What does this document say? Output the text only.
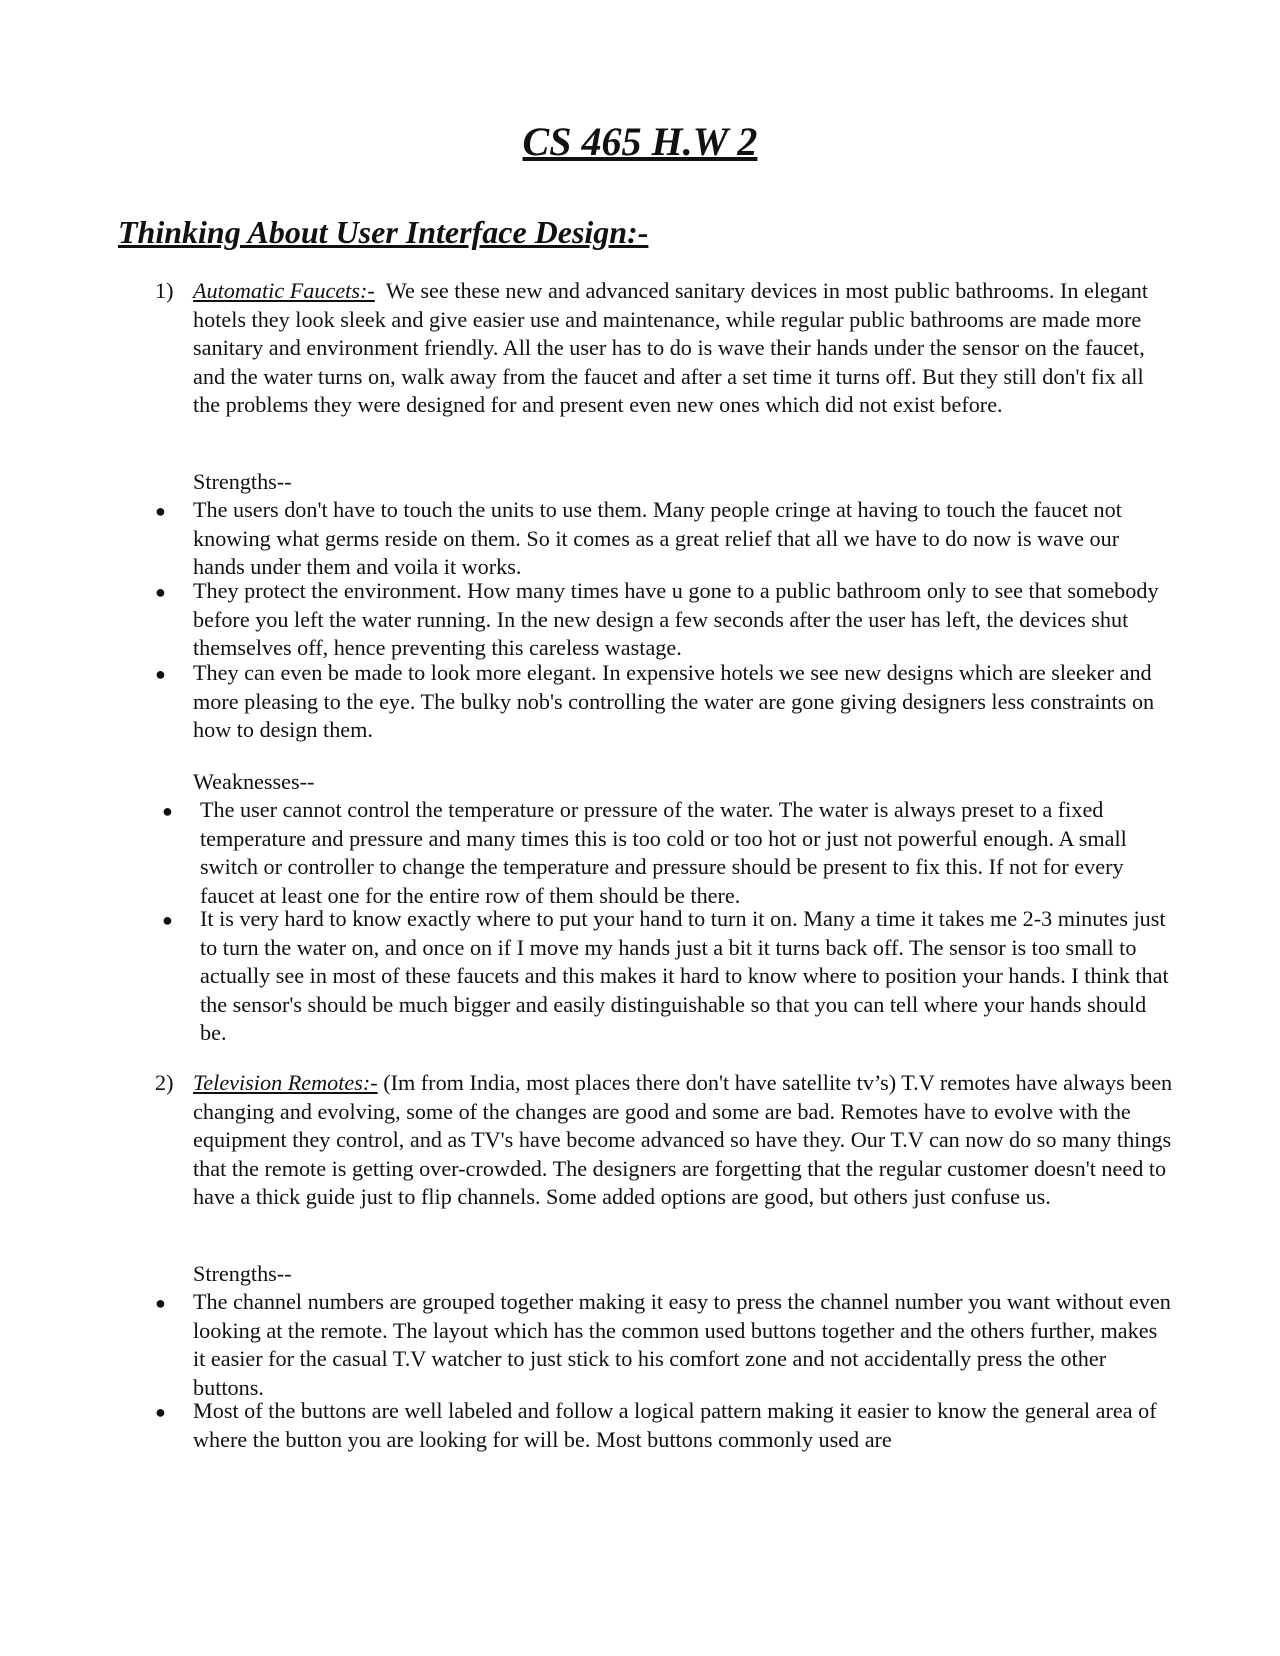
CS 465 H.W 2
Thinking About User Interface Design:-
1) Automatic Faucets:- We see these new and advanced sanitary devices in most public bathrooms. In elegant hotels they look sleek and give easier use and maintenance, while regular public bathrooms are made more sanitary and environment friendly. All the user has to do is wave their hands under the sensor on the faucet, and the water turns on, walk away from the faucet and after a set time it turns off. But they still don't fix all the problems they were designed for and present even new ones which did not exist before.

Strengths--

● The users don't have to touch the units to use them. Many people cringe at having to touch the faucet not knowing what germs reside on them. So it comes as a great relief that all we have to do now is wave our hands under them and voila it works.

● They protect the environment. How many times have u gone to a public bathroom only to see that somebody before you left the water running. In the new design a few seconds after the user has left, the devices shut themselves off, hence preventing this careless wastage.

● They can even be made to look more elegant. In expensive hotels we see new designs which are sleeker and more pleasing to the eye. The bulky nob's controlling the water are gone giving designers less constraints on how to design them.

Weaknesses--

● The user cannot control the temperature or pressure of the water. The water is always preset to a fixed temperature and pressure and many times this is too cold or too hot or just not powerful enough. A small switch or controller to change the temperature and pressure should be present to fix this. If not for every faucet at least one for the entire row of them should be there.

● It is very hard to know exactly where to put your hand to turn it on. Many a time it takes me 2-3 minutes just to turn the water on, and once on if I move my hands just a bit it turns back off. The sensor is too small to actually see in most of these faucets and this makes it hard to know where to position your hands. I think that the sensor's should be much bigger and easily distinguishable so that you can tell where your hands should be.

2) Television Remotes:- (Im from India, most places there don't have satellite tv’s) T.V remotes have always been changing and evolving, some of the changes are good and some are bad. Remotes have to evolve with the equipment they control, and as TV's have become advanced so have they. Our T.V can now do so many things that the remote is getting over-crowded. The designers are forgetting that the regular customer doesn't need to have a thick guide just to flip channels. Some added options are good, but others just confuse us.

Strengths--

● The channel numbers are grouped together making it easy to press the channel number you want without even looking at the remote. The layout which has the common used buttons together and the others further, makes it easier for the casual T.V watcher to just stick to his comfort zone and not accidentally press the other buttons.

● Most of the buttons are well labeled and follow a logical pattern making it easier to know the general area of where the button you are looking for will be. Most buttons commonly used are
